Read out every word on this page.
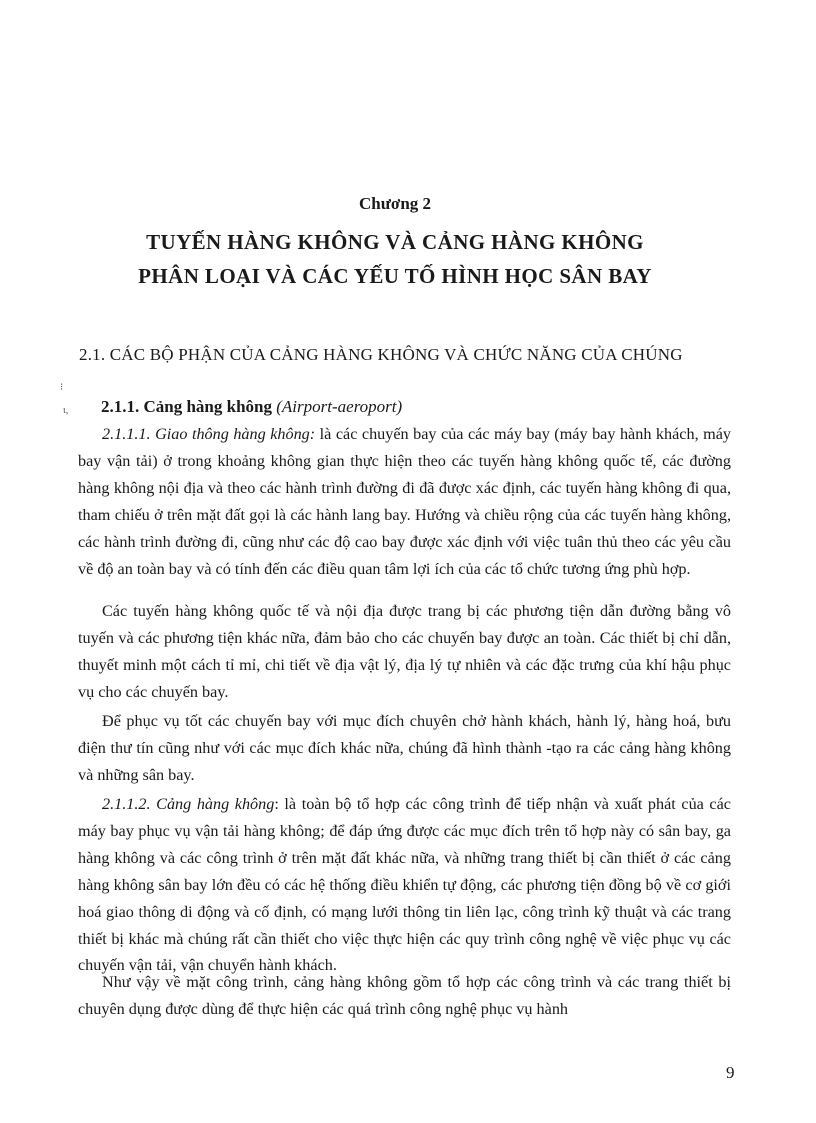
⁝
ι,
Chương 2
TUYẾN HÀNG KHÔNG VÀ CẢNG HÀNG KHÔNG
PHÂN LOẠI VÀ CÁC YẾU TỐ HÌNH HỌC SÂN BAY
2.1. CÁC BỘ PHẬN CỦA CẢNG HÀNG KHÔNG VÀ CHỨC NĂNG CỦA CHÚNG
2.1.1. Cảng hàng không (Airport-aeroport)

2.1.1.1. Giao thông hàng không: là các chuyến bay của các máy bay (máy bay hành khách, máy bay vận tải) ở trong khoảng không gian thực hiện theo các tuyến hàng không quốc tế, các đường hàng không nội địa và theo các hành trình đường đi đã được xác định, các tuyến hàng không đi qua, tham chiếu ở trên mặt đất gọi là các hành lang bay. Hướng và chiều rộng của các tuyến hàng không, các hành trình đường đi, cũng như các độ cao bay được xác định với việc tuân thủ theo các yêu cầu về độ an toàn bay và có tính đến các điều quan tâm lợi ích của các tổ chức tương ứng phù hợp.

Các tuyến hàng không quốc tế và nội địa được trang bị các phương tiện dẫn đường bằng vô tuyến và các phương tiện khác nữa, đảm bảo cho các chuyến bay được an toàn. Các thiết bị chỉ dẫn, thuyết minh một cách tỉ mỉ, chi tiết về địa vật lý, địa lý tự nhiên và các đặc trưng của khí hậu phục vụ cho các chuyến bay.

Để phục vụ tốt các chuyến bay với mục đích chuyên chở hành khách, hành lý, hàng hoá, bưu điện thư tín cũng như với các mục đích khác nữa, chúng đã hình thành -tạo ra các cảng hàng không và những sân bay.

2.1.1.2. Cảng hàng không: là toàn bộ tổ hợp các công trình để tiếp nhận và xuất phát của các máy bay phục vụ vận tải hàng không; để đáp ứng được các mục đích trên tổ hợp này có sân bay, ga hàng không và các công trình ở trên mặt đất khác nữa, và những trang thiết bị cần thiết ở các cảng hàng không sân bay lớn đều có các hệ thống điều khiển tự động, các phương tiện đồng bộ về cơ giới hoá giao thông di động và cố định, có mạng lưới thông tin liên lạc, công trình kỹ thuật và các trang thiết bị khác mà chúng rất cần thiết cho việc thực hiện các quy trình công nghệ về việc phục vụ các chuyến vận tải, vận chuyển hành khách.

Như vậy về mặt công trình, cảng hàng không gồm tổ hợp các công trình và các trang thiết bị chuyên dụng được dùng để thực hiện các quá trình công nghệ phục vụ hành

9
